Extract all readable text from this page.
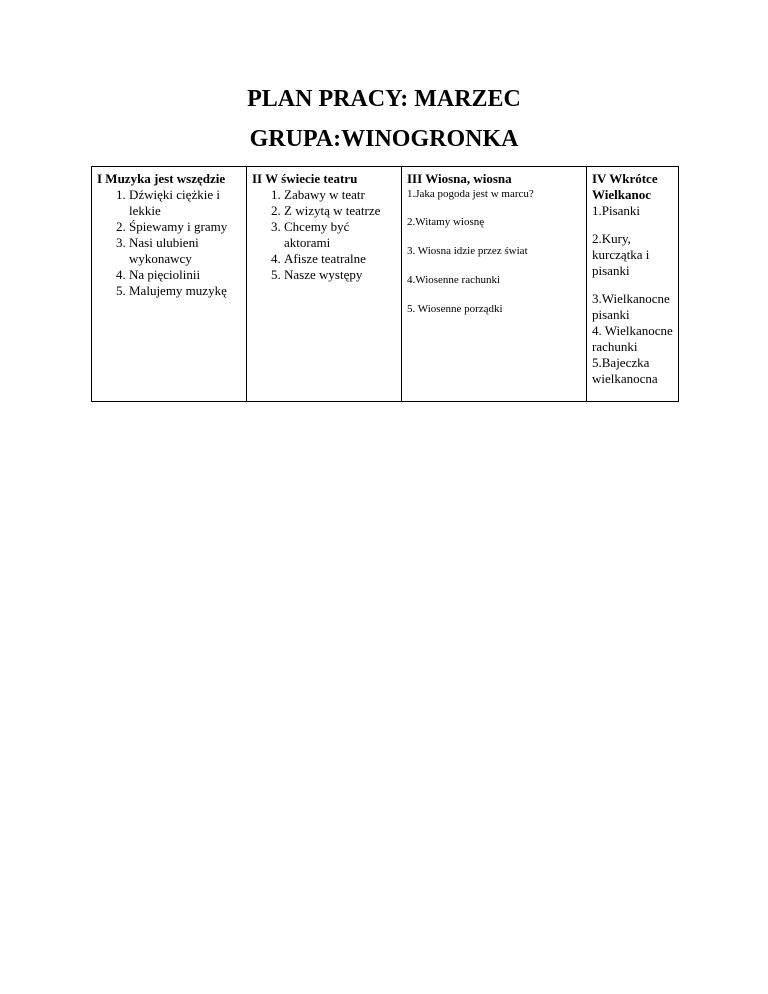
PLAN PRACY: MARZEC
GRUPA:WINOGRONKA
I Muzyka jest wszędzie
1. Dźwięki ciężkie i lekkie
2. Śpiewamy i gramy
3. Nasi ulubieni wykonawcy
4. Na pięciolinii
5. Malujemy muzykę

II W świecie teatru
1. Zabawy w teatr
2. Z wizytą w teatrze
3. Chcemy być aktorami
4. Afisze teatralne
5. Nasze występy

III Wiosna, wiosna

1.Jaka pogoda jest w marcu?

2.Witamy wiosnę

3. Wiosna idzie przez świat

4.Wiosenne rachunki

5. Wiosenne porządki

IV Wkrótce Wielkanoc
1.Pisanki
2.Kury, kurczątka i pisanki
3.Wielkanocne pisanki
4. Wielkanocne rachunki
5.Bajeczka wielkanocna
